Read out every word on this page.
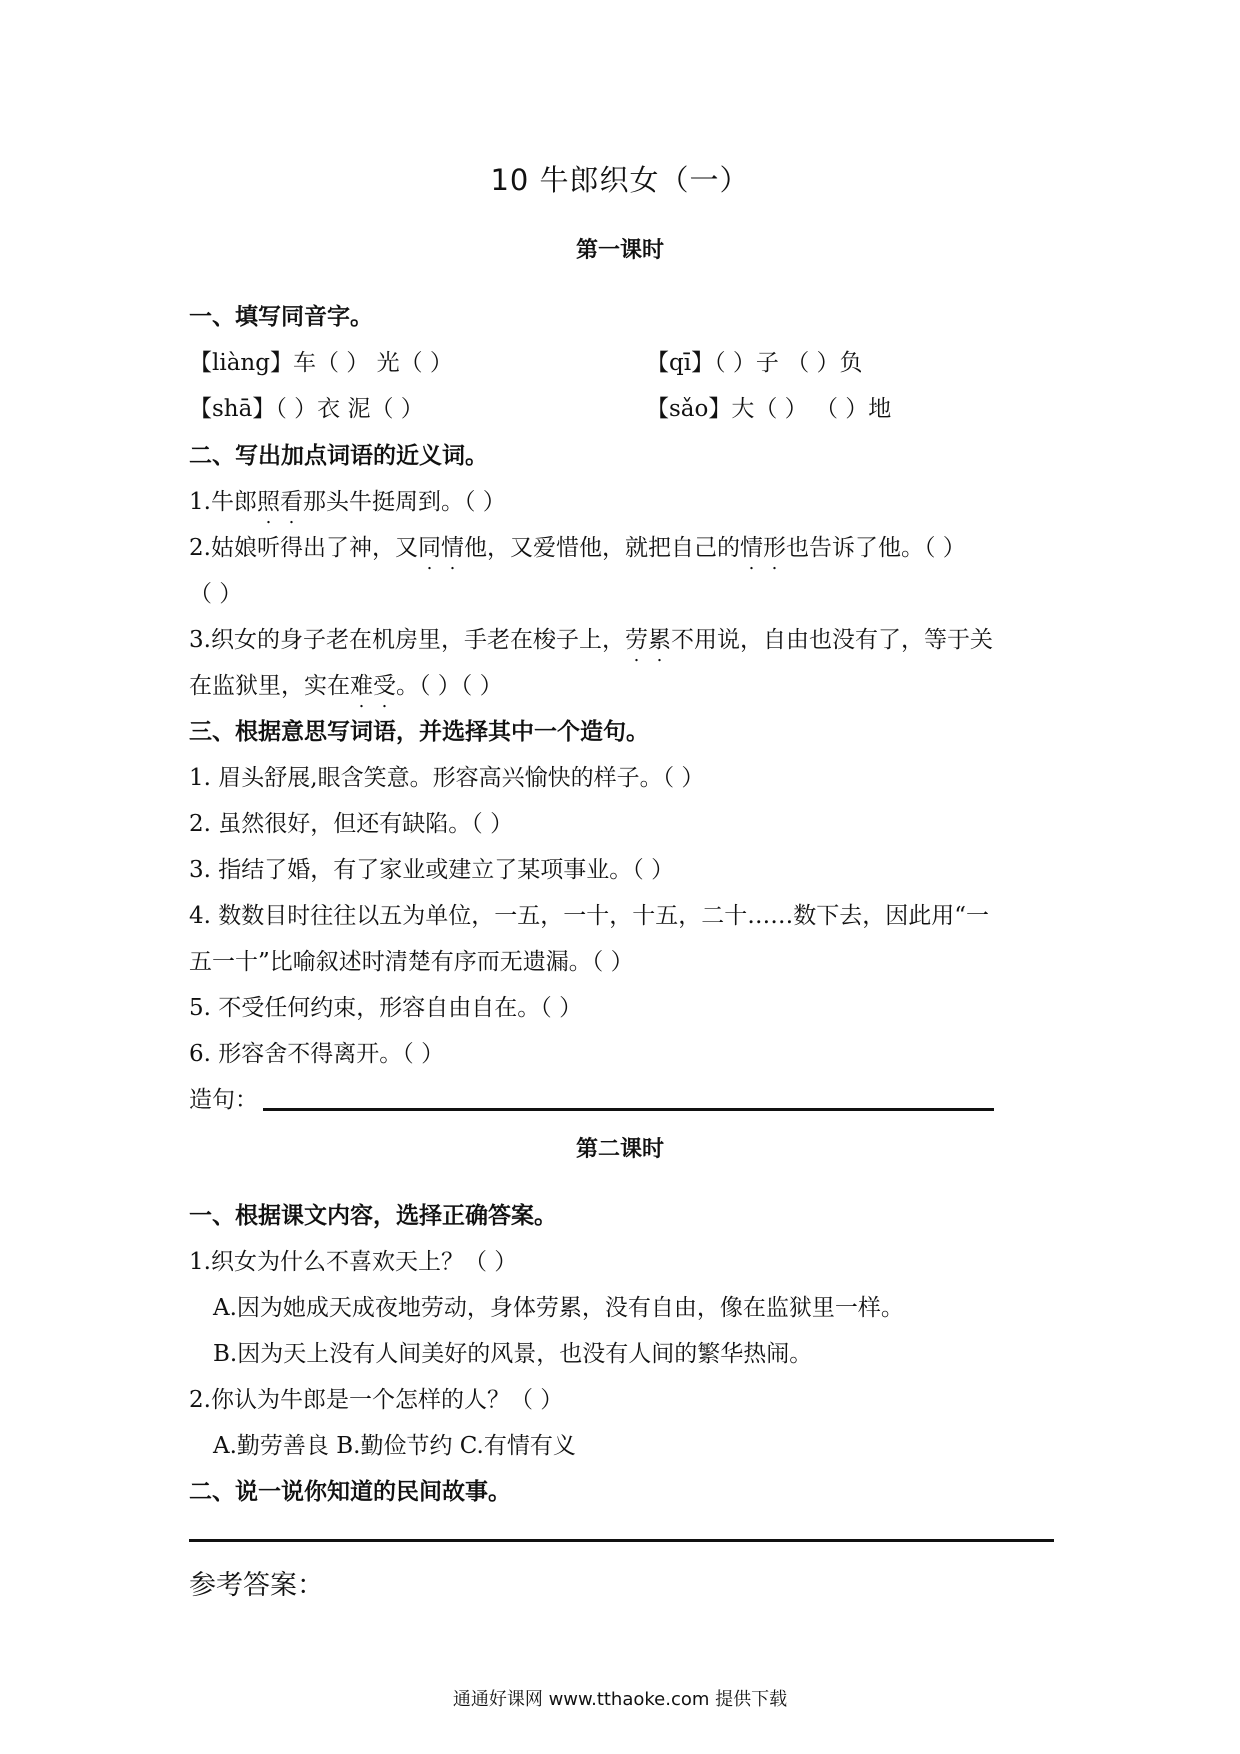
10 牛郎织女（一）
第一课时
一、填写同音字。
【liàng】车（ ） 光（ ）	【qī】（ ）子 （ ）负
【shā】（ ）衣 泥（ ）	【sǎo】大（ ） （ ）地
二、写出加点词语的近义词。
1.牛郎照看那头牛挺周到。（ ）
2.姑娘听得出了神，又同情他，又爱惜他，就把自己的情形也告诉了他。（ ）
（ ）
3.织女的身子老在机房里，手老在梭子上，劳累不用说，自由也没有了，等于关
在监狱里，实在难受。（ ）（ ）
三、根据意思写词语，并选择其中一个造句。
1. 眉头舒展,眼含笑意。形容高兴愉快的样子。（ ）
2. 虽然很好，但还有缺陷。（ ）
3. 指结了婚，有了家业或建立了某项事业。（ ）
4. 数数目时往往以五为单位，一五，一十，十五，二十……数下去，因此用“一
五一十”比喻叙述时清楚有序而无遗漏。（ ）
5. 不受任何约束，形容自由自在。（ ）
6. 形容舍不得离开。（ ）
造句：
第二课时
一、根据课文内容，选择正确答案。
1.织女为什么不喜欢天上？（ ）
A.因为她成天成夜地劳动，身体劳累，没有自由，像在监狱里一样。
B.因为天上没有人间美好的风景，也没有人间的繁华热闹。
2.你认为牛郎是一个怎样的人？（ ）
A.勤劳善良 B.勤俭节约 C.有情有义
二、说一说你知道的民间故事。
参考答案：
通通好课网 www.tthaoke.com 提供下载
